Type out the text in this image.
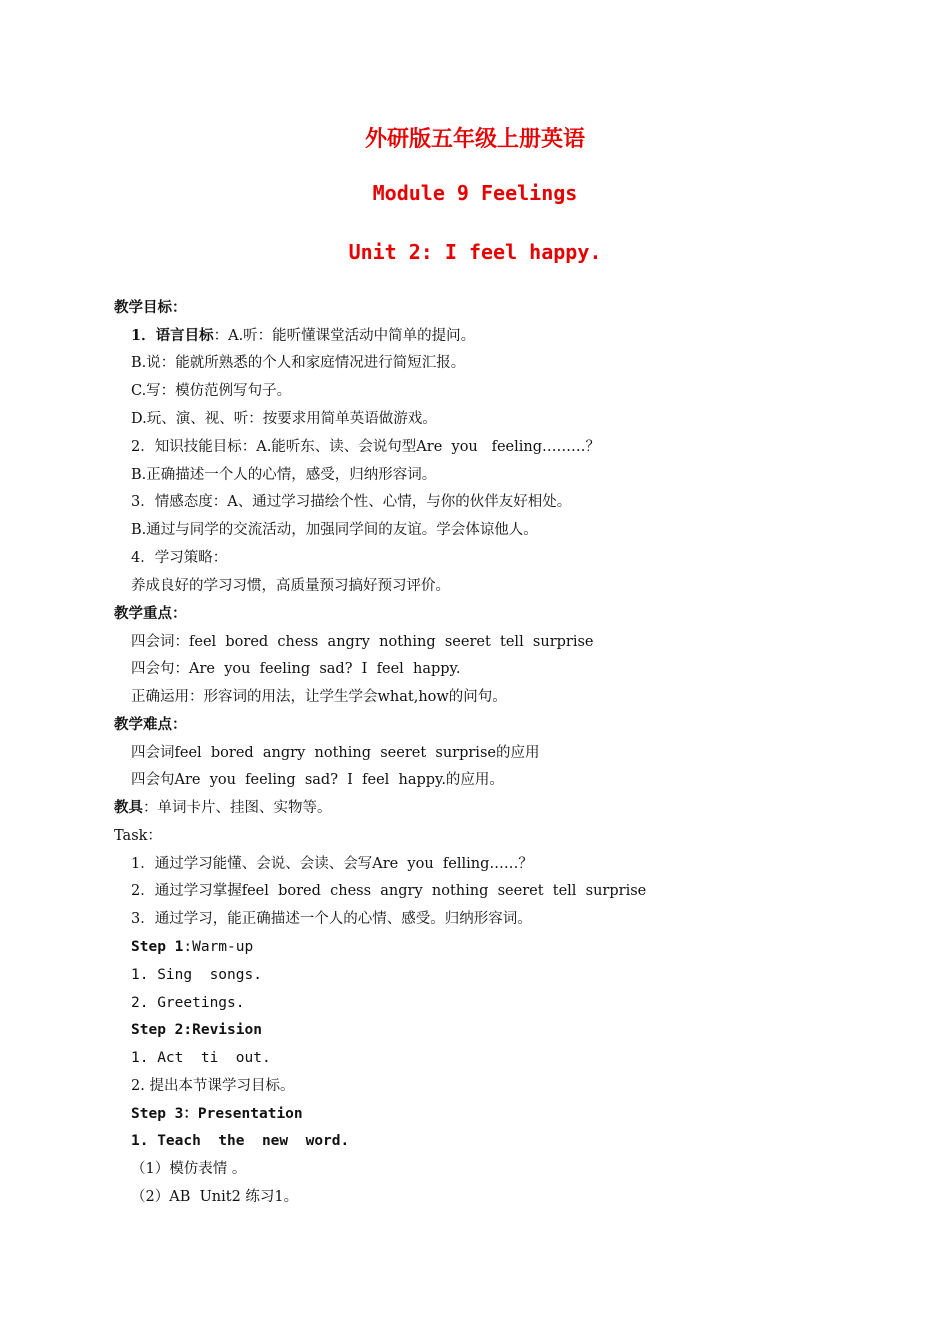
外研版五年级上册英语
Module 9 Feelings
Unit 2: I feel happy.

教学目标：

1．语言目标：A.听：能听懂课堂活动中简单的提问。

B.说：能就所熟悉的个人和家庭情况进行简短汇报。

C.写：模仿范例写句子。

D.玩、演、视、听：按要求用简单英语做游戏。

2．知识技能目标：A.能听东、读、会说句型Are  you   feeling………？

B.正确描述一个人的心情，感受，归纳形容词。

3．情感态度：A、通过学习描绘个性、心情，与你的伙伴友好相处。

B.通过与同学的交流活动，加强同学间的友谊。学会体谅他人。

4．学习策略：

养成良好的学习习惯，高质量预习搞好预习评价。

教学重点：

四会词：feel  bored  chess  angry  nothing  seeret  tell  surprise

四会句：Are  you  feeling  sad?  I  feel  happy.

正确运用：形容词的用法，让学生学会what,how的问句。

教学难点：

四会词feel  bored  angry  nothing  seeret  surprise的应用

四会句Are  you  feeling  sad?  I  feel  happy.的应用。

教具：单词卡片、挂图、实物等。

Task：

1．通过学习能懂、会说、会读、会写Are  you  felling……？

2．通过学习掌握feel  bored  chess  angry  nothing  seeret  tell  surprise

3．通过学习，能正确描述一个人的心情、感受。归纳形容词。

Step 1:Warm-up

1. Sing  songs.

2. Greetings.

Step 2:Revision

1. Act  ti  out.

2. 提出本节课学习目标。

Step 3：Presentation

1. Teach  the  new  word.

（1）模仿表情 。

（2）AB  Unit2 练习1。
